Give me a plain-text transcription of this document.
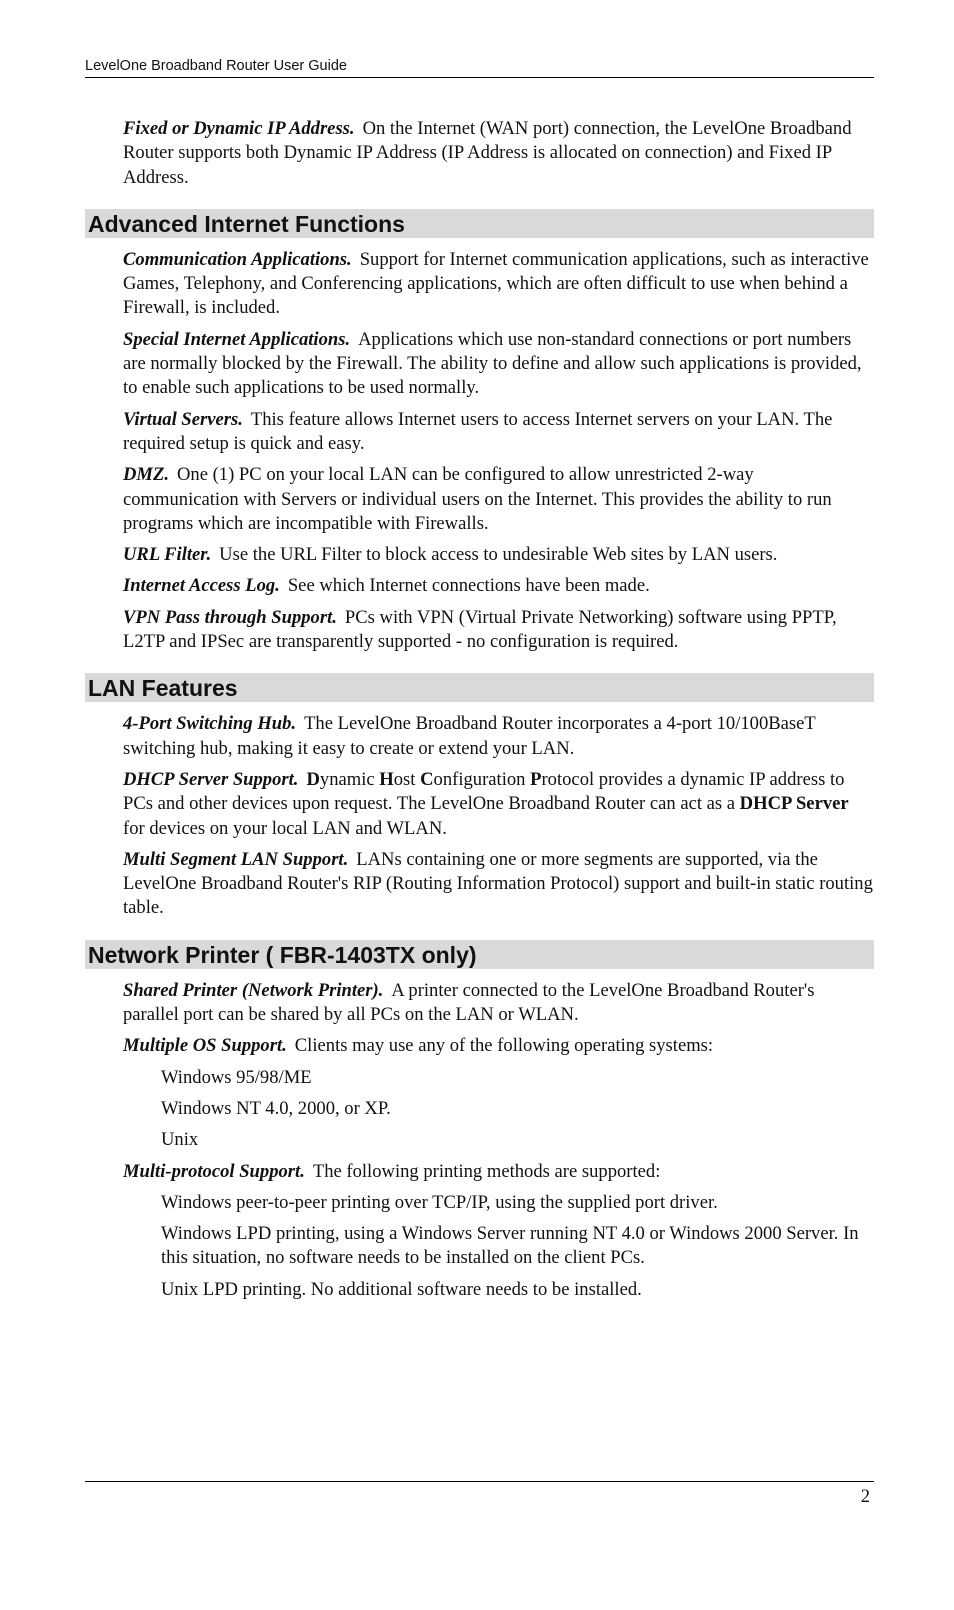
LevelOne Broadband Router User Guide

Fixed or Dynamic IP Address. On the Internet (WAN port) connection, the LevelOne Broadband Router supports both Dynamic IP Address (IP Address is allocated on connection) and Fixed IP Address.

Advanced Internet Functions

Communication Applications. Support for Internet communication applications, such as interactive Games, Telephony, and Conferencing applications, which are often difficult to use when behind a Firewall, is included.

Special Internet Applications. Applications which use non-standard connections or port numbers are normally blocked by the Firewall. The ability to define and allow such applications is provided, to enable such applications to be used normally.

Virtual Servers. This feature allows Internet users to access Internet servers on your LAN. The required setup is quick and easy.

DMZ. One (1) PC on your local LAN can be configured to allow unrestricted 2-way communication with Servers or individual users on the Internet. This provides the ability to run programs which are incompatible with Firewalls.

URL Filter. Use the URL Filter to block access to undesirable Web sites by LAN users.

Internet Access Log. See which Internet connections have been made.

VPN Pass through Support. PCs with VPN (Virtual Private Networking) software using PPTP, L2TP and IPSec are transparently supported - no configuration is required.

LAN Features

4-Port Switching Hub. The LevelOne Broadband Router incorporates a 4-port 10/100BaseT switching hub, making it easy to create or extend your LAN.

DHCP Server Support. Dynamic Host Configuration Protocol provides a dynamic IP address to PCs and other devices upon request. The LevelOne Broadband Router can act as a DHCP Server for devices on your local LAN and WLAN.

Multi Segment LAN Support. LANs containing one or more segments are supported, via the LevelOne Broadband Router's RIP (Routing Information Protocol) support and built-in static routing table.

Network Printer ( FBR-1403TX only)

Shared Printer (Network Printer). A printer connected to the LevelOne Broadband Router's parallel port can be shared by all PCs on the LAN or WLAN.

Multiple OS Support. Clients may use any of the following operating systems:

Windows 95/98/ME

Windows NT 4.0, 2000, or XP.

Unix

Multi-protocol Support. The following printing methods are supported:

Windows peer-to-peer printing over TCP/IP, using the supplied port driver.

Windows LPD printing, using a Windows Server running NT 4.0 or Windows 2000 Server. In this situation, no software needs to be installed on the client PCs.

Unix LPD printing. No additional software needs to be installed.

2
